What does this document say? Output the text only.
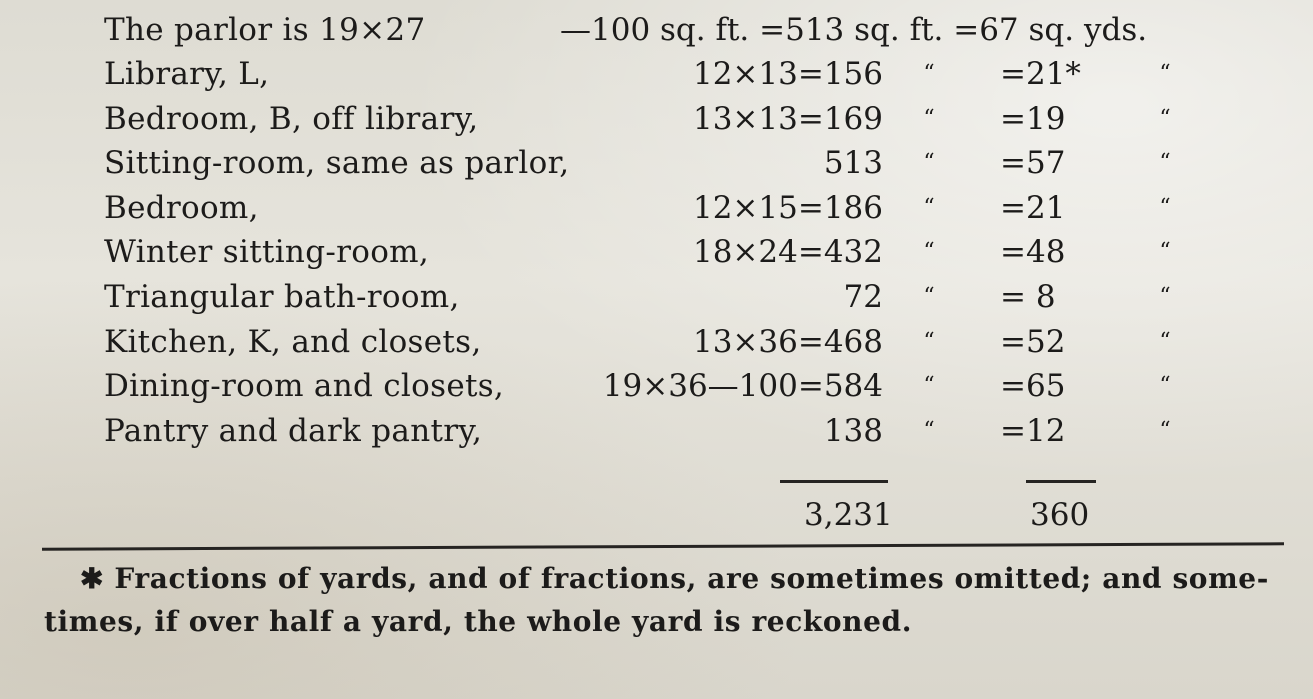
The parlor is 19×27	—100 sq. ft. =513 sq. ft. =67 sq. yds.
Library, L,	12×13=156	“	=21*	“
Bedroom, B, off library,	13×13=169	“	=19	“
Sitting-room, same as parlor,	513	“	=57	“
Bedroom,	12×15=186	“	=21	“
Winter sitting-room,	18×24=432	“	=48	“
Triangular bath-room,	72	“	= 8	“
Kitchen, K, and closets,	13×36=468	“	=52	“
Dining-room and closets,	19×36—100=584	“	=65	“
Pantry and dark pantry,	138	“	=12	“
3,231	360
✱ Fractions of yards, and of fractions, are sometimes omitted; and some-
times, if over half a yard, the whole yard is reckoned.
